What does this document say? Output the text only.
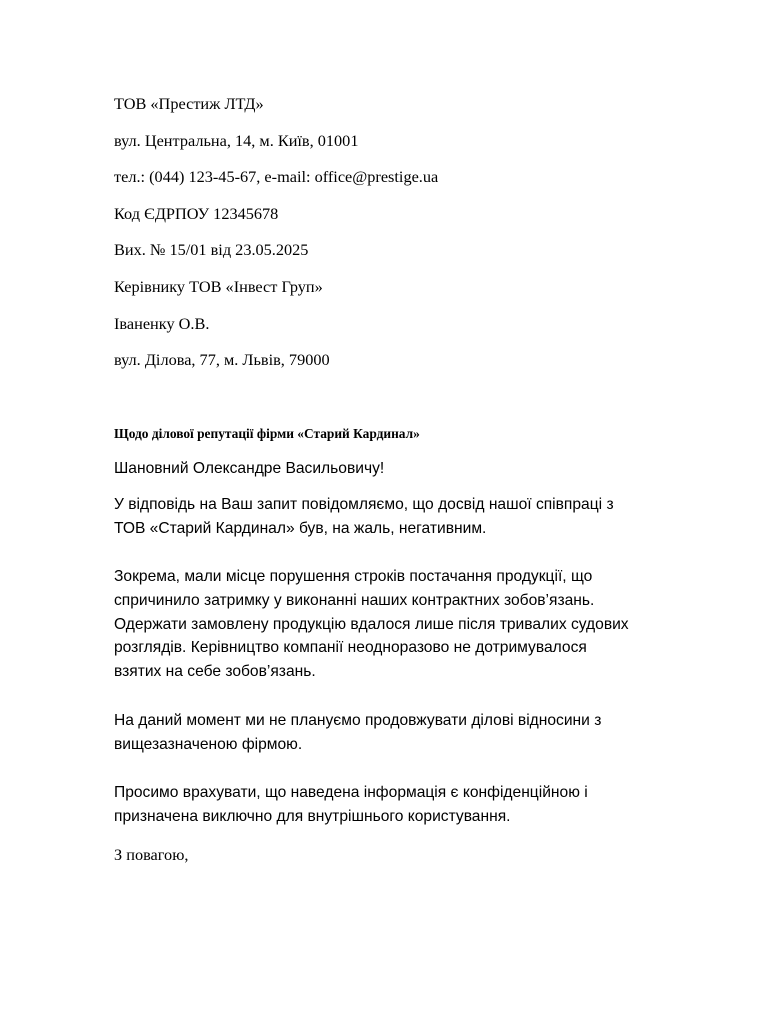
ТОВ «Престиж ЛТД»

вул. Центральна, 14, м. Київ, 01001

тел.: (044) 123-45-67, e-mail: office@prestige.ua

Код ЄДРПОУ 12345678

Вих. № 15/01 від 23.05.2025

Керівнику ТОВ «Інвест Груп»

Іваненку О.В.

вул. Ділова, 77, м. Львів, 79000

Щодо ділової репутації фірми «Старий Кардинал»

Шановний Олександре Васильовичу!

У відповідь на Ваш запит повідомляємо, що досвід нашої співпраці з
ТОВ «Старий Кардинал» був, на жаль, негативним.
Зокрема, мали місце порушення строків постачання продукції, що
спричинило затримку у виконанні наших контрактних зобов’язань.
Одержати замовлену продукцію вдалося лише після тривалих судових
розглядів. Керівництво компанії неодноразово не дотримувалося
взятих на себе зобов’язань.
На даний момент ми не плануємо продовжувати ділові відносини з
вищезазначеною фірмою.
Просимо врахувати, що наведена інформація є конфіденційною і
призначена виключно для внутрішнього користування.

З повагою,
